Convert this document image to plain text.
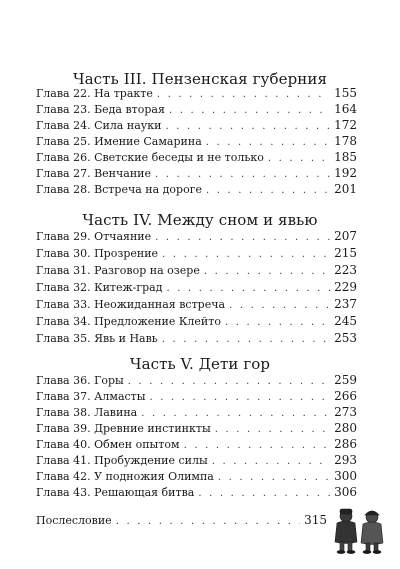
Часть III. Пензенская губерния
Глава 22. На тракте . . .	155
Глава 23. Беда вторая . . .	164
Глава 24. Сила науки . . .	172
Глава 25. Имение Самарина . . .	178
Глава 26. Светские беседы и не только . . .	185
Глава 27. Венчание . . .	192
Глава 28. Встреча на дороге . . .	201
Часть IV. Между сном и явью
Глава 29. Отчаяние . . .	207
Глава 30. Прозрение . . .	215
Глава 31. Разговор на озере . . .	223
Глава 32. Китеж-град . . .	229
Глава 33. Неожиданная встреча . . .	237
Глава 34. Предложение Клейто . . .	245
Глава 35. Явь и Навь . . .	253
Часть V. Дети гор
Глава 36. Горы . . .	259
Глава 37. Алмасты . . .	266
Глава 38. Лавина . . .	273
Глава 39. Древние инстинкты . . .	280
Глава 40. Обмен опытом . . .	286
Глава 41. Пробуждение силы . . .	293
Глава 42. У подножия Олимпа . . .	300
Глава 43. Решающая битва . . .	306
Послесловие . . .	315
